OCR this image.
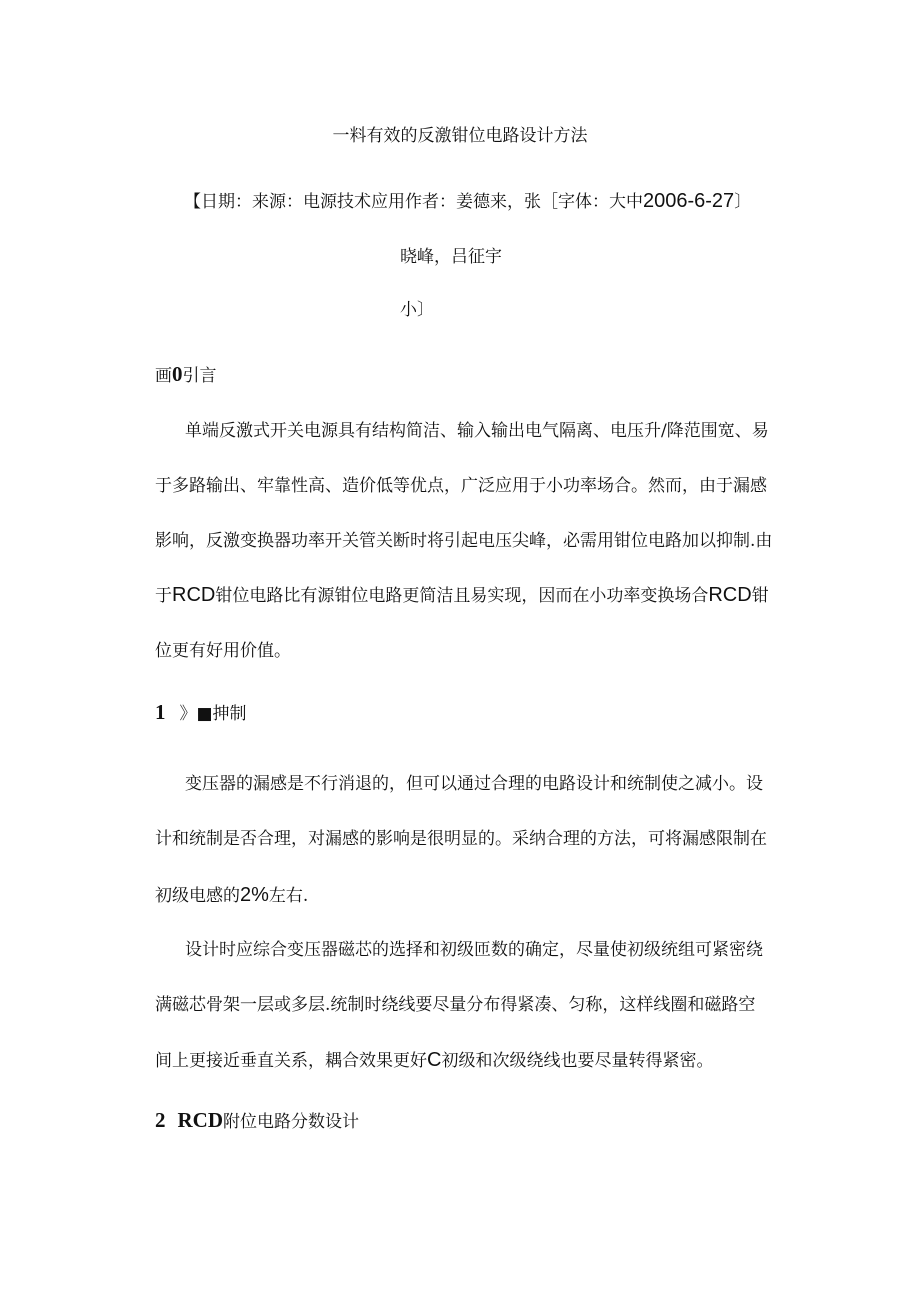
一料有效的反激钳位电路设计方法
【日期：来源：电源技术应用作者：姜德来，张［字体：大中2006-6-27〕
晓峰，吕征宇
小〕
画0引言
单端反激式开关电源具有结构简洁、输入输出电气隔离、电压升/降范围宽、易
于多路输出、牢靠性高、造价低等优点，广泛应用于小功率场合。然而，由于漏感
影响，反激变换器功率开关管关断时将引起电压尖峰，必需用钳位电路加以抑制.由
于RCD钳位电路比有源钳位电路更简洁且易实现，因而在小功率变换场合RCD钳
位更有好用价值。
1 》■抻制
变压器的漏感是不行消退的，但可以通过合理的电路设计和统制使之减小。设
计和统制是否合理，对漏感的影响是很明显的。采纳合理的方法，可将漏感限制在
初级电感的2%左右.
设计时应综合变压器磁芯的选择和初级匝数的确定，尽量使初级统组可紧密绕
满磁芯骨架一层或多层.统制时绕线要尽量分布得紧凑、匀称，这样线圈和磁路空
间上更接近垂直关系，耦合效果更好C初级和次级绕线也要尽量转得紧密。
2 RCD附位电路分数设计
